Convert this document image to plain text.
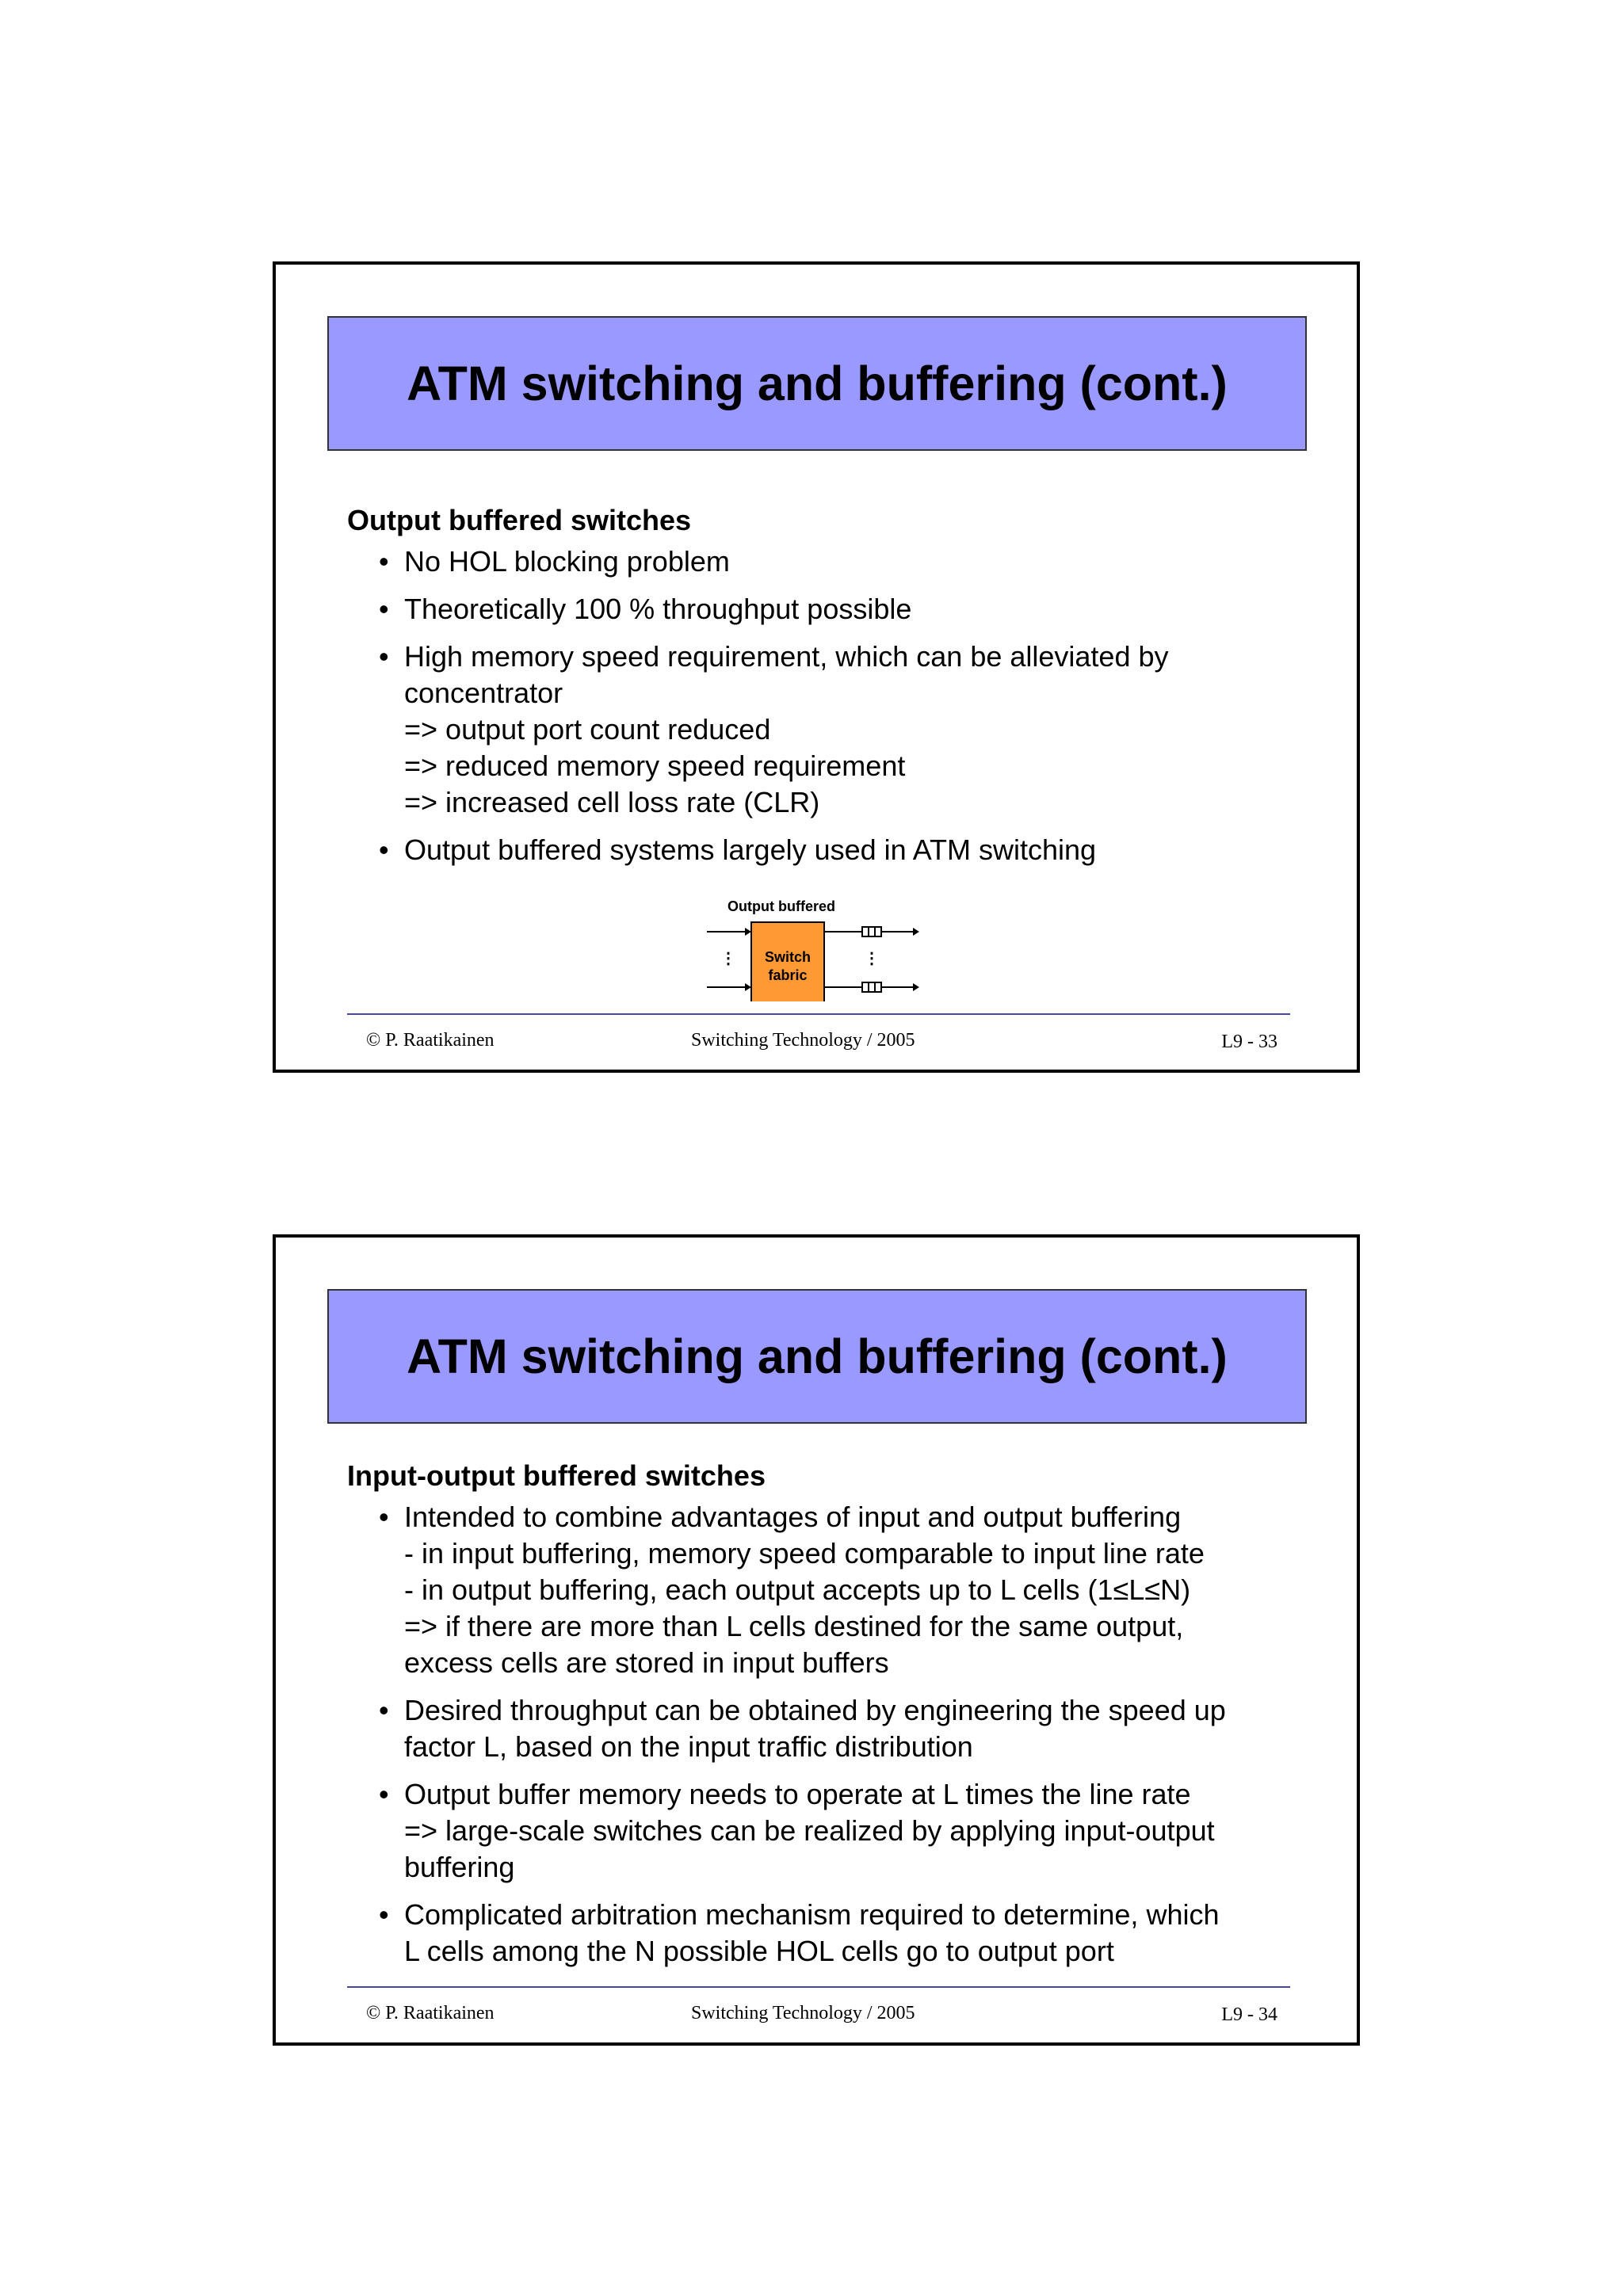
ATM switching and buffering (cont.)
Output buffered switches
• No HOL blocking problem
• Theoretically 100 % throughput possible
• High memory speed requirement, which can be alleviated by
concentrator
=> output port count reduced
=> reduced memory speed requirement
=> increased cell loss rate (CLR)
• Output buffered systems largely used in ATM switching
Output buffered
⋮ Switch
fabric
⋮
© P. Raatikainen	Switching Technology / 2005	L9 - 33
ATM switching and buffering (cont.)
Input-output buffered switches
• Intended to combine advantages of input and output buffering
- in input buffering, memory speed comparable to input line rate
- in output buffering, each output accepts up to L cells (1≤L≤N)
=> if there are more than L cells destined for the same output,
excess cells are stored in input buffers
• Desired throughput can be obtained by engineering the speed up
factor L, based on the input traffic distribution
• Output buffer memory needs to operate at L times the line rate
=> large-scale switches can be realized by applying input-output
buffering
• Complicated arbitration mechanism required to determine, which
L cells among the N possible HOL cells go to output port
© P. Raatikainen	Switching Technology / 2005	L9 - 34
